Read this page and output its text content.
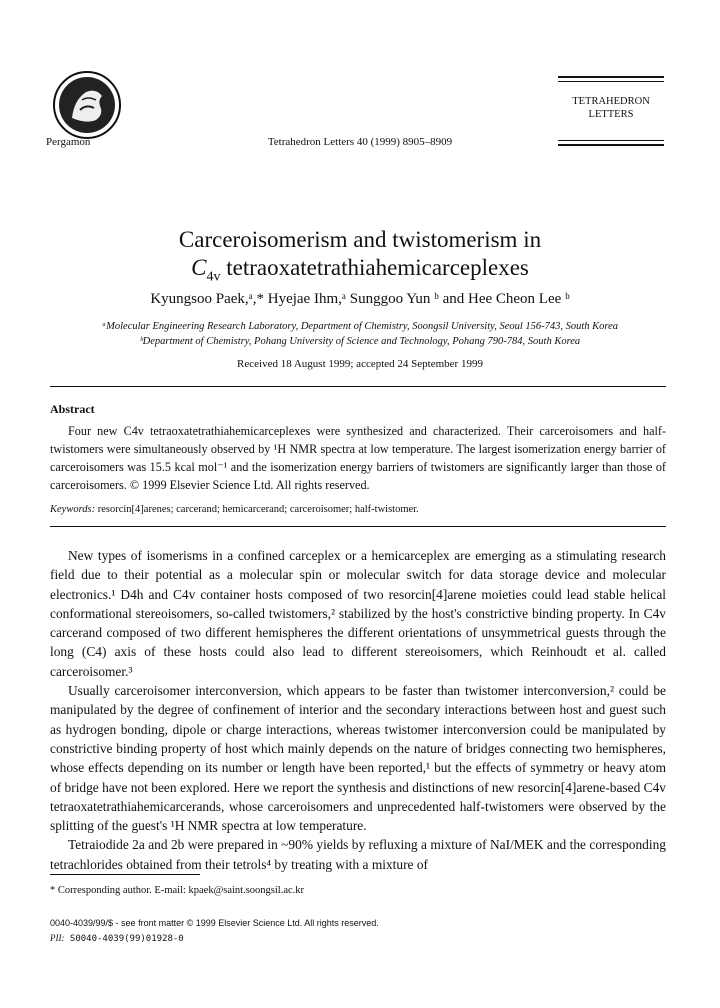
Pergamon	Tetrahedron Letters 40 (1999) 8905–8909
TETRAHEDRON
LETTERS
Carceroisomerism and twistomerism in
$C_{4v}$ tetraoxatetrathiahemicarceplexes
Kyungsoo Paek,ᵃ,* Hyejae Ihm,ᵃ Sunggoo Yun ᵇ and Hee Cheon Lee ᵇ
ᵃMolecular Engineering Research Laboratory, Department of Chemistry, Soongsil University, Seoul 156-743, South Korea
ᵇDepartment of Chemistry, Pohang University of Science and Technology, Pohang 790-784, South Korea
Received 18 August 1999; accepted 24 September 1999
Abstract

Four new C4v tetraoxatetrathiahemicarceplexes were synthesized and characterized. Their carceroisomers and half-twistomers were simultaneously observed by ¹H NMR spectra at low temperature. The largest isomerization energy barrier of carceroisomers was 15.5 kcal mol⁻¹ and the isomerization energy barriers of twistomers are significantly larger than those of carceroisomers. © 1999 Elsevier Science Ltd. All rights reserved.

Keywords: resorcin[4]arenes; carcerand; hemicarcerand; carceroisomer; half-twistomer.

New types of isomerisms in a confined carceplex or a hemicarceplex are emerging as a stimulating research field due to their potential as a molecular spin or molecular switch for data storage device and molecular electronics.¹ D4h and C4v container hosts composed of two resorcin[4]arene moieties could lead stable helical conformational stereoisomers, so-called twistomers,² stabilized by the host's constrictive binding property. In C4v carcerand composed of two different hemispheres the different orientations of unsymmetrical guests through the long (C4) axis of these hosts could also lead to different stereoisomers, which Reinhoudt et al. called carceroisomer.³

Usually carceroisomer interconversion, which appears to be faster than twistomer interconversion,² could be manipulated by the degree of confinement of interior and the secondary interactions between host and guest such as hydrogen bonding, dipole or charge interactions, whereas twistomer interconversion could be manipulated by constrictive binding property of host which mainly depends on the nature of bridges connecting two hemispheres, whose effects depending on its number or length have been reported,¹ but the effects of symmetry or heavy atom of bridge have not been explored. Here we report the synthesis and distinctions of new resorcin[4]arene-based C4v tetraoxatetrathiahemicarcerands, whose carceroisomers and unprecedented half-twistomers were observed by the splitting of the guest's ¹H NMR spectra at low temperature.

Tetraiodide 2a and 2b were prepared in ~90% yields by refluxing a mixture of NaI/MEK and the corresponding tetrachlorides obtained from their tetrols⁴ by treating with a mixture of

* Corresponding author. E-mail: kpaek@saint.soongsil.ac.kr
0040-4039/99/$ - see front matter © 1999 Elsevier Science Ltd. All rights reserved.
PII: S0040-4039(99)01928-0
